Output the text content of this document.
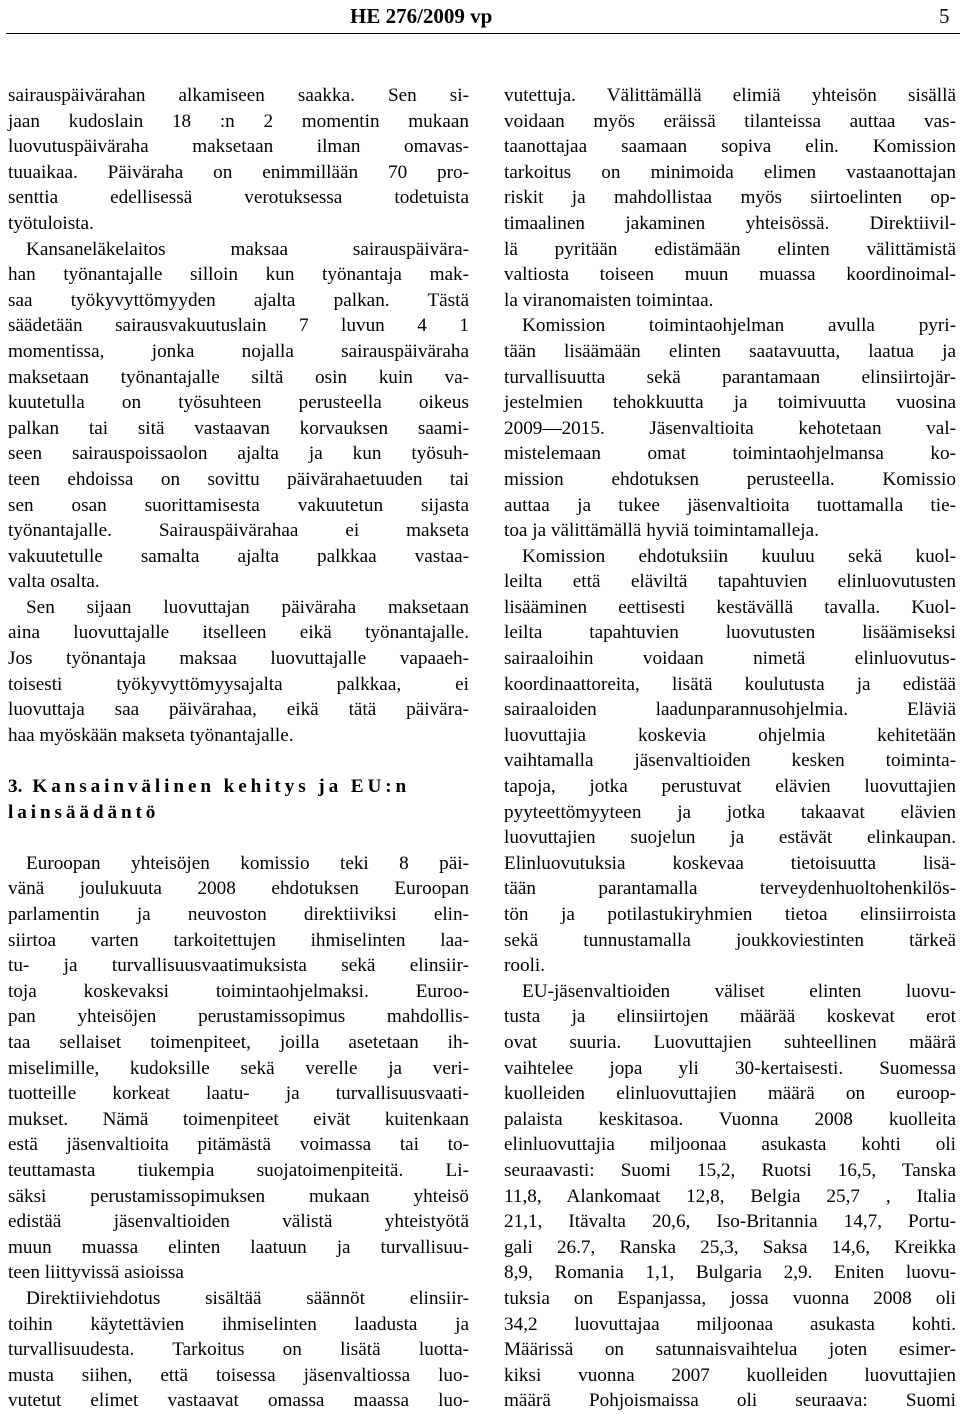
HE 276/2009 vp	5
sairauspäivärahan alkamiseen saakka. Sen si-
jaan kudoslain 18 :n 2 momentin mukaan
luovutuspäiväraha maksetaan ilman omavas-
tuuaikaa. Päiväraha on enimmillään 70 pro-
senttia edellisessä verotuksessa todetuista
työtuloista.
Kansaneläkelaitos maksaa sairauspäivära-
han työnantajalle silloin kun työnantaja mak-
saa työkyvyttömyyden ajalta palkan. Tästä
säädetään sairausvakuutuslain 7 luvun 4 1
momentissa, jonka nojalla sairauspäiväraha
maksetaan työnantajalle siltä osin kuin va-
kuutetulla on työsuhteen perusteella oikeus
palkan tai sitä vastaavan korvauksen saami-
seen sairauspoissaolon ajalta ja kun työsuh-
teen ehdoissa on sovittu päivärahaetuuden tai
sen osan suorittamisesta vakuutetun sijasta
työnantajalle. Sairauspäivärahaa ei makseta
vakuutetulle samalta ajalta palkkaa vastaa-
valta osalta.
Sen sijaan luovuttajan päiväraha maksetaan
aina luovuttajalle itselleen eikä työnantajalle.
Jos työnantaja maksaa luovuttajalle vapaaeh-
toisesti työkyvyttömyysajalta palkkaa, ei
luovuttaja saa päivärahaa, eikä tätä päivära-
haa myöskään makseta työnantajalle.
3. Kansainvälinen kehitys ja EU:n
lainsäädäntö
Euroopan yhteisöjen komissio teki 8 päi-
vänä joulukuuta 2008 ehdotuksen Euroopan
parlamentin ja neuvoston direktiiviksi elin-
siirtoa varten tarkoitettujen ihmiselinten laa-
tu- ja turvallisuusvaatimuksista sekä elinsiir-
toja koskevaksi toimintaohjelmaksi. Euroo-
pan yhteisöjen perustamissopimus mahdollis-
taa sellaiset toimenpiteet, joilla asetetaan ih-
miselimille, kudoksille sekä verelle ja veri-
tuotteille korkeat laatu- ja turvallisuusvaati-
mukset. Nämä toimenpiteet eivät kuitenkaan
estä jäsenvaltioita pitämästä voimassa tai to-
teuttamasta tiukempia suojatoimenpiteitä. Li-
säksi perustamissopimuksen mukaan yhteisö
edistää jäsenvaltioiden välistä yhteistyötä
muun muassa elinten laatuun ja turvallisuu-
teen liittyvissä asioissa
Direktiiviehdotus sisältää säännöt elinsiir-
toihin käytettävien ihmiselinten laadusta ja
turvallisuudesta. Tarkoitus on lisätä luotta-
musta siihen, että toisessa jäsenvaltiossa luo-
vutetut elimet vastaavat omassa maassa luo-
vutettuja. Välittämällä elimiä yhteisön sisällä
voidaan myös eräissä tilanteissa auttaa vas-
taanottajaa saamaan sopiva elin. Komission
tarkoitus on minimoida elimen vastaanottajan
riskit ja mahdollistaa myös siirtoelinten op-
timaalinen jakaminen yhteisössä. Direktiivil-
lä pyritään edistämään elinten välittämistä
valtiosta toiseen muun muassa koordinoimal-
la viranomaisten toimintaa.
Komission toimintaohjelman avulla pyri-
tään lisäämään elinten saatavuutta, laatua ja
turvallisuutta sekä parantamaan elinsiirtojär-
jestelmien tehokkuutta ja toimivuutta vuosina
2009—2015. Jäsenvaltioita kehotetaan val-
mistelemaan omat toimintaohjelmansa ko-
mission ehdotuksen perusteella. Komissio
auttaa ja tukee jäsenvaltioita tuottamalla tie-
toa ja välittämällä hyviä toimintamalleja.
Komission ehdotuksiin kuuluu sekä kuol-
leilta että eläviltä tapahtuvien elinluovutusten
lisääminen eettisesti kestävällä tavalla. Kuol-
leilta tapahtuvien luovutusten lisäämiseksi
sairaaloihin voidaan nimetä elinluovutus-
koordinaattoreita, lisätä koulutusta ja edistää
sairaaloiden laadunparannusohjelmia. Eläviä
luovuttajia koskevia ohjelmia kehitetään
vaihtamalla jäsenvaltioiden kesken toiminta-
tapoja, jotka perustuvat elävien luovuttajien
pyyteettömyyteen ja jotka takaavat elävien
luovuttajien suojelun ja estävät elinkaupan.
Elinluovutuksia koskevaa tietoisuutta lisä-
tään parantamalla terveydenhuoltohenkilös-
tön ja potilastukiryhmien tietoa elinsiirroista
sekä tunnustamalla joukkoviestinten tärkeä
rooli.
EU-jäsenvaltioiden väliset elinten luovu-
tusta ja elinsiirtojen määrää koskevat erot
ovat suuria. Luovuttajien suhteellinen määrä
vaihtelee jopa yli 30-kertaisesti. Suomessa
kuolleiden elinluovuttajien määrä on euroop-
palaista keskitasoa. Vuonna 2008 kuolleita
elinluovuttajia miljoonaa asukasta kohti oli
seuraavasti: Suomi 15,2, Ruotsi 16,5, Tanska
11,8, Alankomaat 12,8, Belgia 25,7 , Italia
21,1, Itävalta 20,6, Iso-Britannia 14,7, Portu-
gali 26.7, Ranska 25,3, Saksa 14,6, Kreikka
8,9, Romania 1,1, Bulgaria 2,9. Eniten luovu-
tuksia on Espanjassa, jossa vuonna 2008 oli
34,2 luovuttajaa miljoonaa asukasta kohti.
Määrissä on satunnaisvaihtelua joten esimer-
kiksi vuonna 2007 kuolleiden luovuttajien
määrä Pohjoismaissa oli seuraava: Suomi
